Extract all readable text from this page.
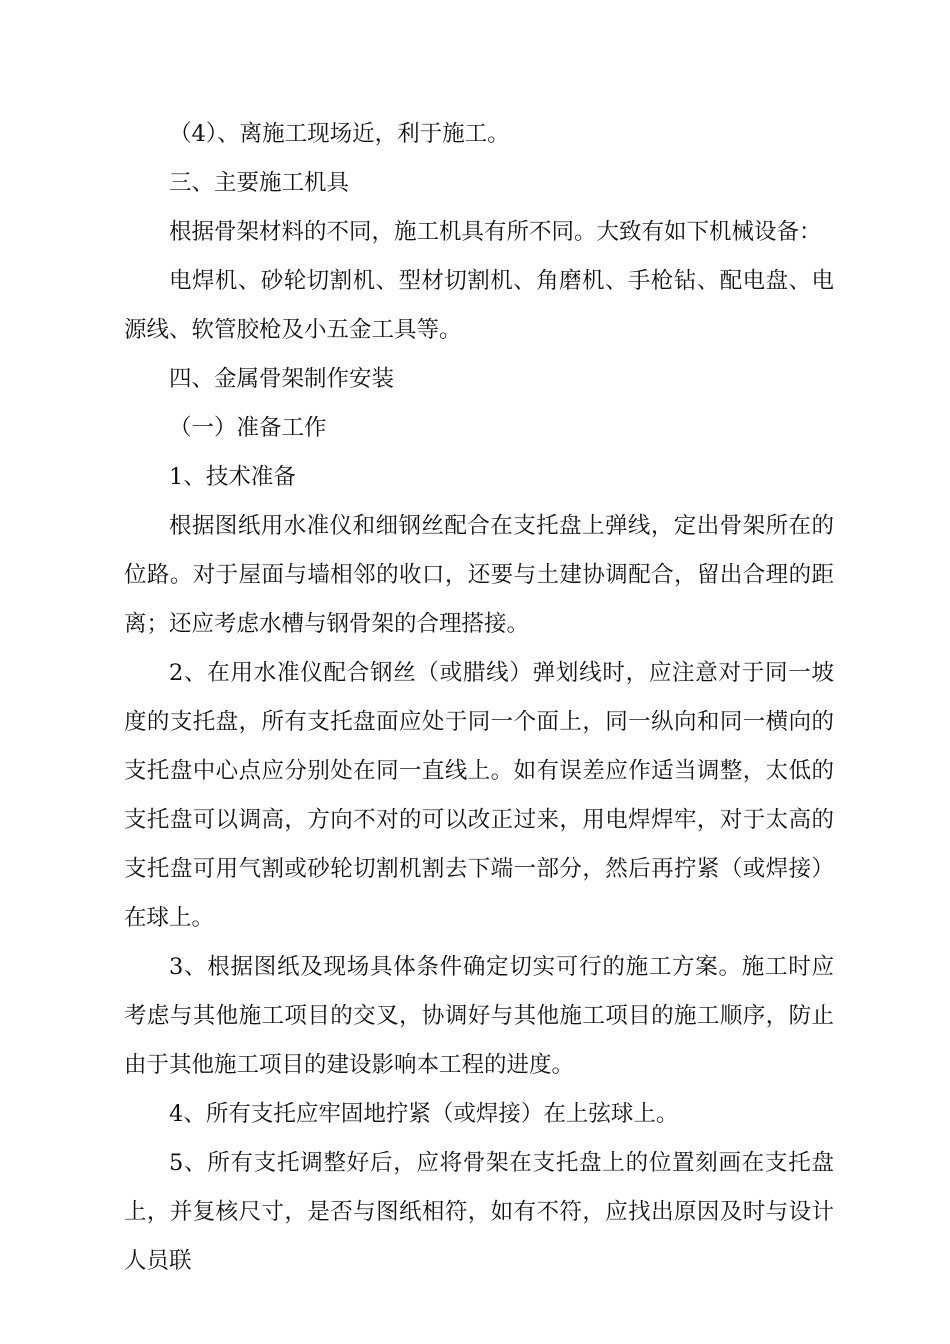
（4）、离施工现场近，利于施工。

三、主要施工机具

根据骨架材料的不同，施工机具有所不同。大致有如下机械设备：

电焊机、砂轮切割机、型材切割机、角磨机、手枪钻、配电盘、电源线、软管胶枪及小五金工具等。

四、金属骨架制作安装

（一）准备工作

1、技术准备

根据图纸用水准仪和细钢丝配合在支托盘上弹线，定出骨架所在的位路。对于屋面与墙相邻的收口，还要与土建协调配合，留出合理的距离；还应考虑水槽与钢骨架的合理搭接。

2、在用水准仪配合钢丝（或腊线）弹划线时，应注意对于同一坡度的支托盘，所有支托盘面应处于同一个面上，同一纵向和同一横向的支托盘中心点应分别处在同一直线上。如有误差应作适当调整，太低的支托盘可以调高，方向不对的可以改正过来，用电焊焊牢，对于太高的支托盘可用气割或砂轮切割机割去下端一部分，然后再拧紧（或焊接）在球上。

3、根据图纸及现场具体条件确定切实可行的施工方案。施工时应考虑与其他施工项目的交叉，协调好与其他施工项目的施工顺序，防止由于其他施工项目的建设影响本工程的进度。

4、所有支托应牢固地拧紧（或焊接）在上弦球上。

5、所有支托调整好后，应将骨架在支托盘上的位置刻画在支托盘上，并复核尺寸，是否与图纸相符，如有不符，应找出原因及时与设计人员联
